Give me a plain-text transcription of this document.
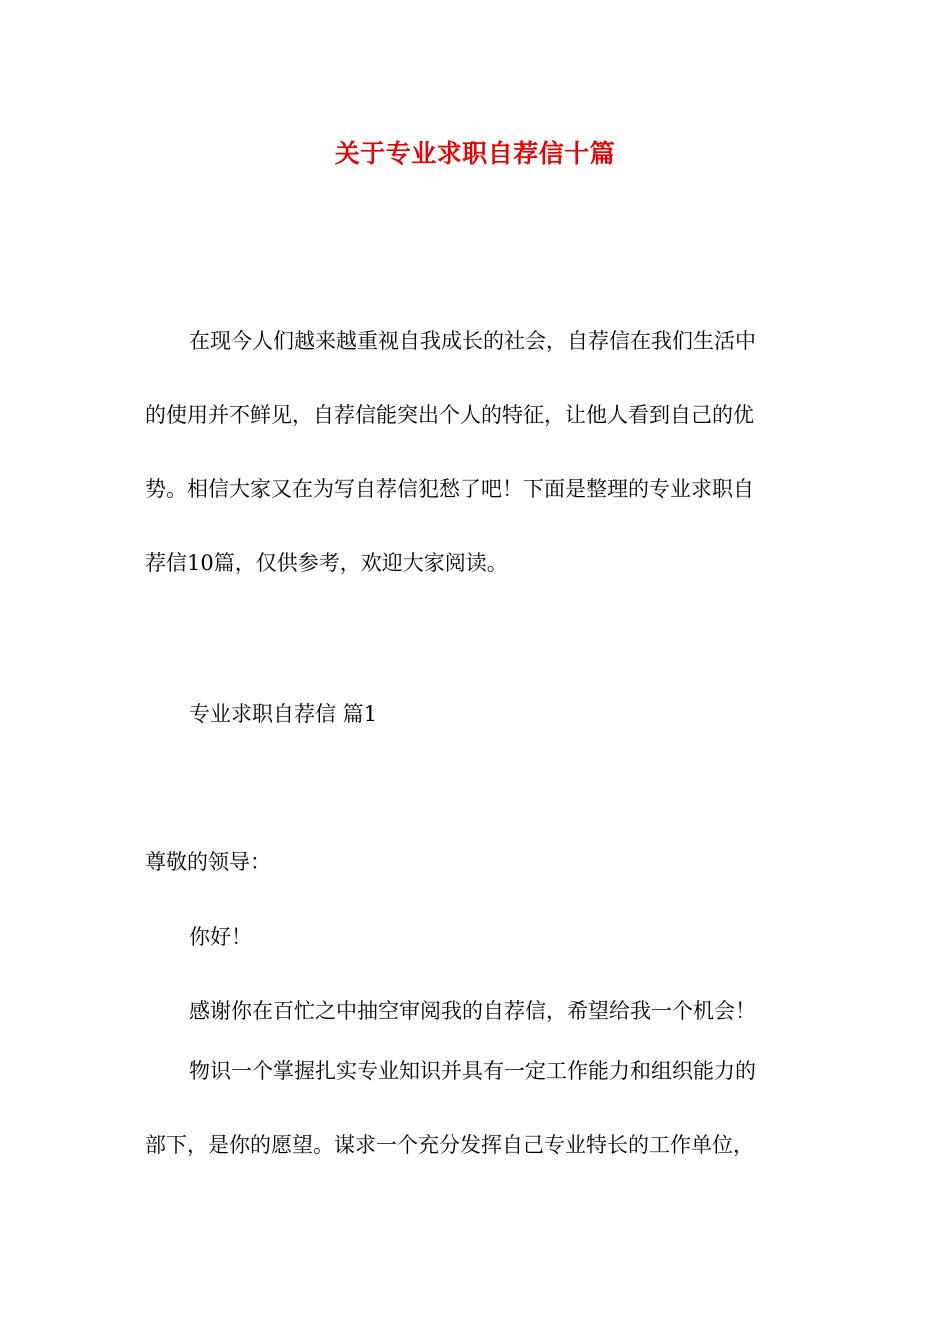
关于专业求职自荐信十篇
在现今人们越来越重视自我成长的社会，自荐信在我们生活中
的使用并不鲜见，自荐信能突出个人的特征，让他人看到自己的优
势。相信大家又在为写自荐信犯愁了吧！下面是整理的专业求职自
荐信10篇，仅供参考，欢迎大家阅读。

专业求职自荐信 篇1

尊敬的领导：

你好！

感谢你在百忙之中抽空审阅我的自荐信，希望给我一个机会！

物识一个掌握扎实专业知识并具有一定工作能力和组织能力的
部下，是你的愿望。谋求一个充分发挥自己专业特长的工作单位，
